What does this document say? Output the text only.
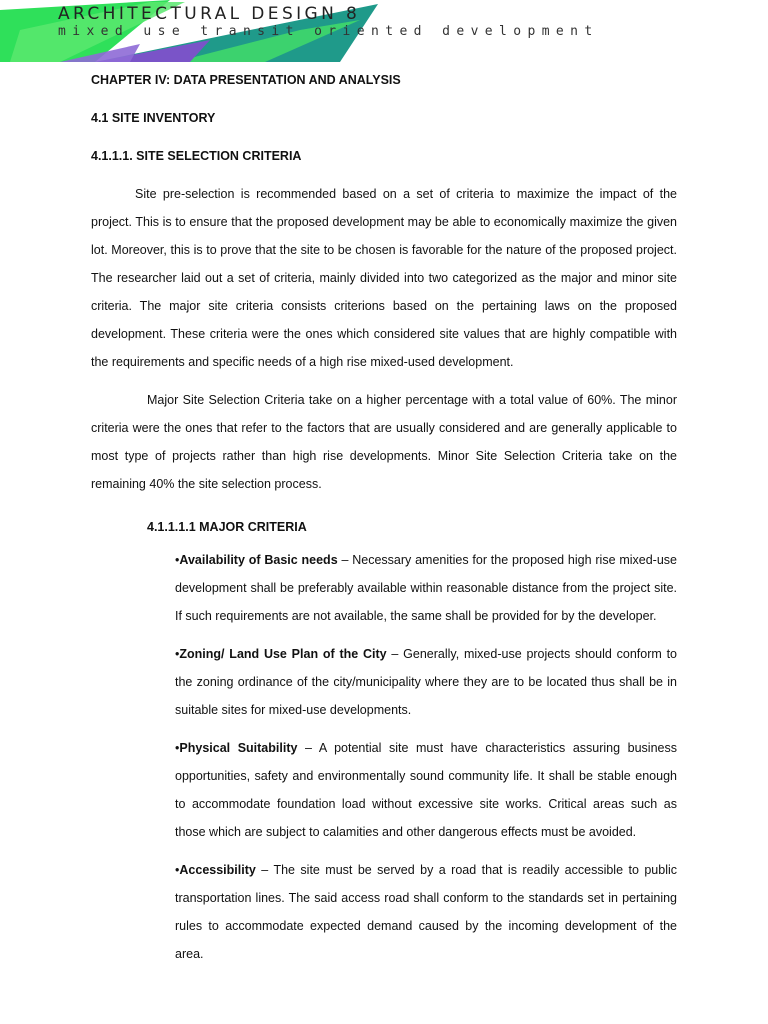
ARCHITECTURAL DESIGN 8
mixed use transit oriented development
CHAPTER IV: DATA PRESENTATION AND ANALYSIS
4.1 SITE INVENTORY
4.1.1.1. SITE SELECTION CRITERIA

Site pre-selection is recommended based on a set of criteria to maximize the impact of the project. This is to ensure that the proposed development may be able to economically maximize the given lot. Moreover, this is to prove that the site to be chosen is favorable for the nature of the proposed project. The researcher laid out a set of criteria, mainly divided into two categorized as the major and minor site criteria. The major site criteria consists criterions based on the pertaining laws on the proposed development. These criteria were the ones which considered site values that are highly compatible with the requirements and specific needs of a high rise mixed-used development.

Major Site Selection Criteria take on a higher percentage with a total value of 60%. The minor criteria were the ones that refer to the factors that are usually considered and are generally applicable to most type of projects rather than high rise developments. Minor Site Selection Criteria take on the remaining 40% the site selection process.

4.1.1.1.1 MAJOR CRITERIA
•Availability of Basic needs – Necessary amenities for the proposed high rise mixed-use development shall be preferably available within reasonable distance from the project site. If such requirements are not available, the same shall be provided for by the developer.
•Zoning/ Land Use Plan of the City – Generally, mixed-use projects should conform to the zoning ordinance of the city/municipality where they are to be located thus shall be in suitable sites for mixed-use developments.
•Physical Suitability – A potential site must have characteristics assuring business opportunities, safety and environmentally sound community life. It shall be stable enough to accommodate foundation load without excessive site works. Critical areas such as those which are subject to calamities and other dangerous effects must be avoided.
•Accessibility – The site must be served by a road that is readily accessible to public transportation lines. The said access road shall conform to the standards set in pertaining rules to accommodate expected demand caused by the incoming development of the area.
